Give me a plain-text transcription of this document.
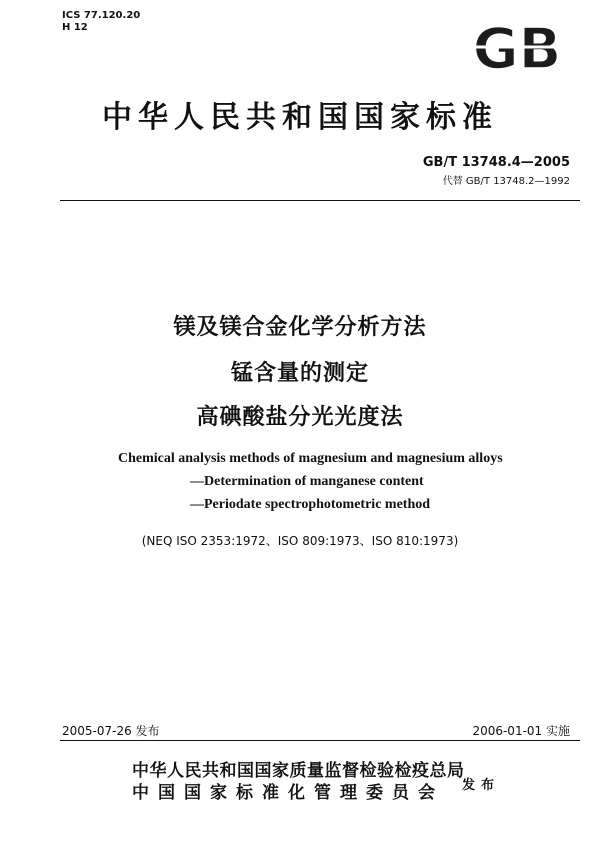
ICS 77.120.20
H 12	GB
中华人民共和国国家标准
GB/T 13748.4—2005
代替 GB/T 13748.2—1992
镁及镁合金化学分析方法
锰含量的测定
高碘酸盐分光光度法
Chemical analysis methods of magnesium and magnesium alloys
—Determination of manganese content
—Periodate spectrophotometric method
(NEQ ISO 2353:1972、ISO 809:1973、ISO 810:1973)
2005-07-26 发布	2006-01-01 实施
中华人民共和国国家质量监督检验检疫总局
中国国家标准化管理委员会 发布
